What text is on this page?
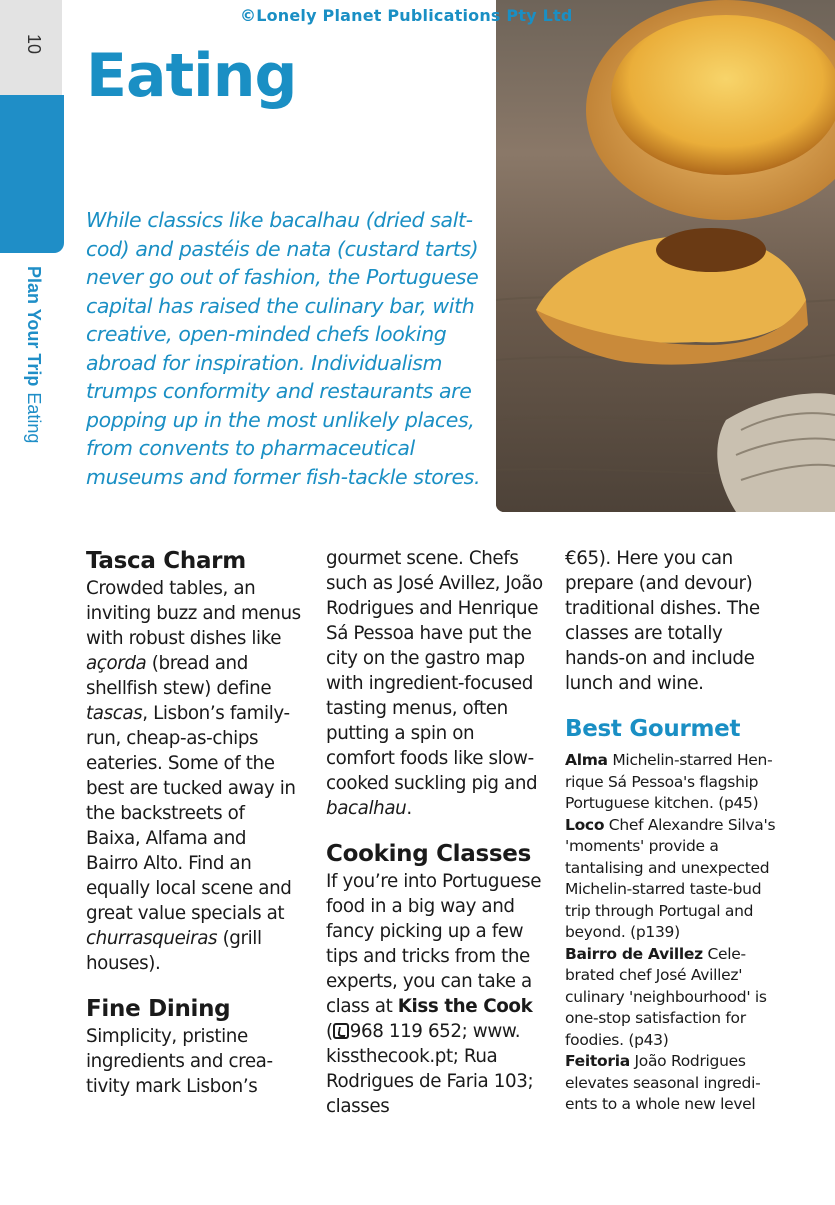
©Lonely Planet Publications Pty Ltd
10
Plan Your TripEating
Eating
While classics like bacalhau (dried salt-cod) and pastéis de nata (custard tarts) never go out of fashion, the Portuguese capital has raised the culinary bar, with creative, open-minded chefs looking abroad for inspiration. Individualism trumps conformity and restaurants are popping up in the most unlikely places, from convents to pharmaceutical museums and former fish-tackle stores.
Tasca Charm

Crowded tables, an inviting buzz and menus with robust dishes like açorda (bread and shellfish stew) define tascas, Lisbon’s family-run, cheap-as-chips eateries. Some of the best are tucked away in the backstreets of Baixa, Alfama and Bairro Alto. Find an equally local scene and great value specials at churrasqueiras (grill houses).

Fine Dining

Simplicity, pristine ingredients and creativity mark Lisbon’s

gourmet scene. Chefs such as José Avillez, João Rodrigues and Henrique Sá Pessoa have put the city on the gastro map with ingredient-focused tasting menus, often putting a spin on comfort foods like slow-cooked suckling pig and bacalhau.

Cooking Classes

If you’re into Portuguese food in a big way and fancy picking up a few tips and tricks from the experts, you can take a class at Kiss the Cook
( 968 119 652; www. kissthecook.pt; Rua Rodrigues de Faria 103; classes

€65). Here you can prepare (and devour) traditional dishes. The classes are totally hands-on and include lunch and wine.

Best Gourmet

Alma Michelin-starred Henrique Sá Pessoa's flagship Portuguese kitchen. (p45)

Loco Chef Alexandre Silva's 'moments' provide a tantalising and unexpected Michelin-starred taste-bud trip through Portugal and beyond. (p139)

Bairro de Avillez Celebrated chef José Avillez' culinary 'neighbourhood' is one-stop satisfaction for foodies. (p43)

Feitoria João Rodrigues elevates seasonal ingredients to a whole new level
